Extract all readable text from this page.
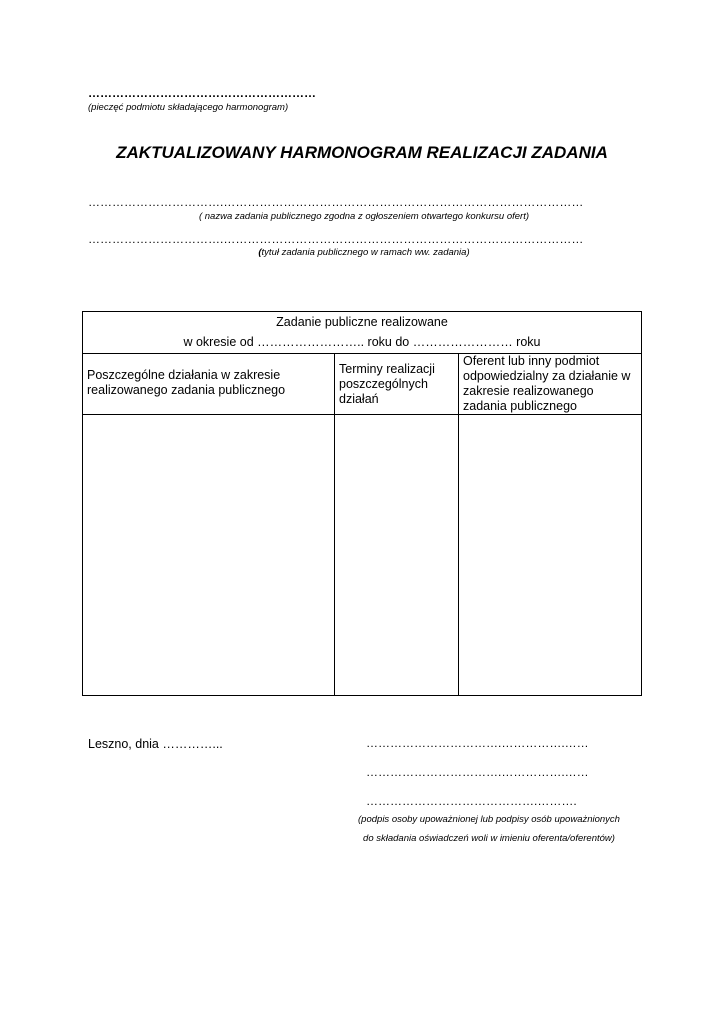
…………………………………………………
(pieczęć podmiotu składającego harmonogram)
ZAKTUALIZOWANY HARMONOGRAM REALIZACJI ZADANIA
…………………………….………………………………………………………………………………
( nazwa zadania publicznego zgodna z ogłoszeniem otwartego konkursu ofert)
…………………………….………………………………………………………………………………
(tytuł zadania publicznego w ramach ww. zadania)
Zadanie publiczne realizowane
w okresie od …………………….. roku do …………………… roku		

Poszczególne działania w zakresie realizowanego zadania publicznego	Terminy realizacji poszczególnych działań	Oferent lub inny podmiot odpowiedzialny za działanie w zakresie realizowanego zadania publicznego

Leszno, dnia …………...	…………………………….…………….……
…………………………….…………….……
…………………………………….……….
(podpis osoby upoważnionej lub podpisy osób upoważnionych
do składania oświadczeń woli w imieniu oferenta/oferentów)
